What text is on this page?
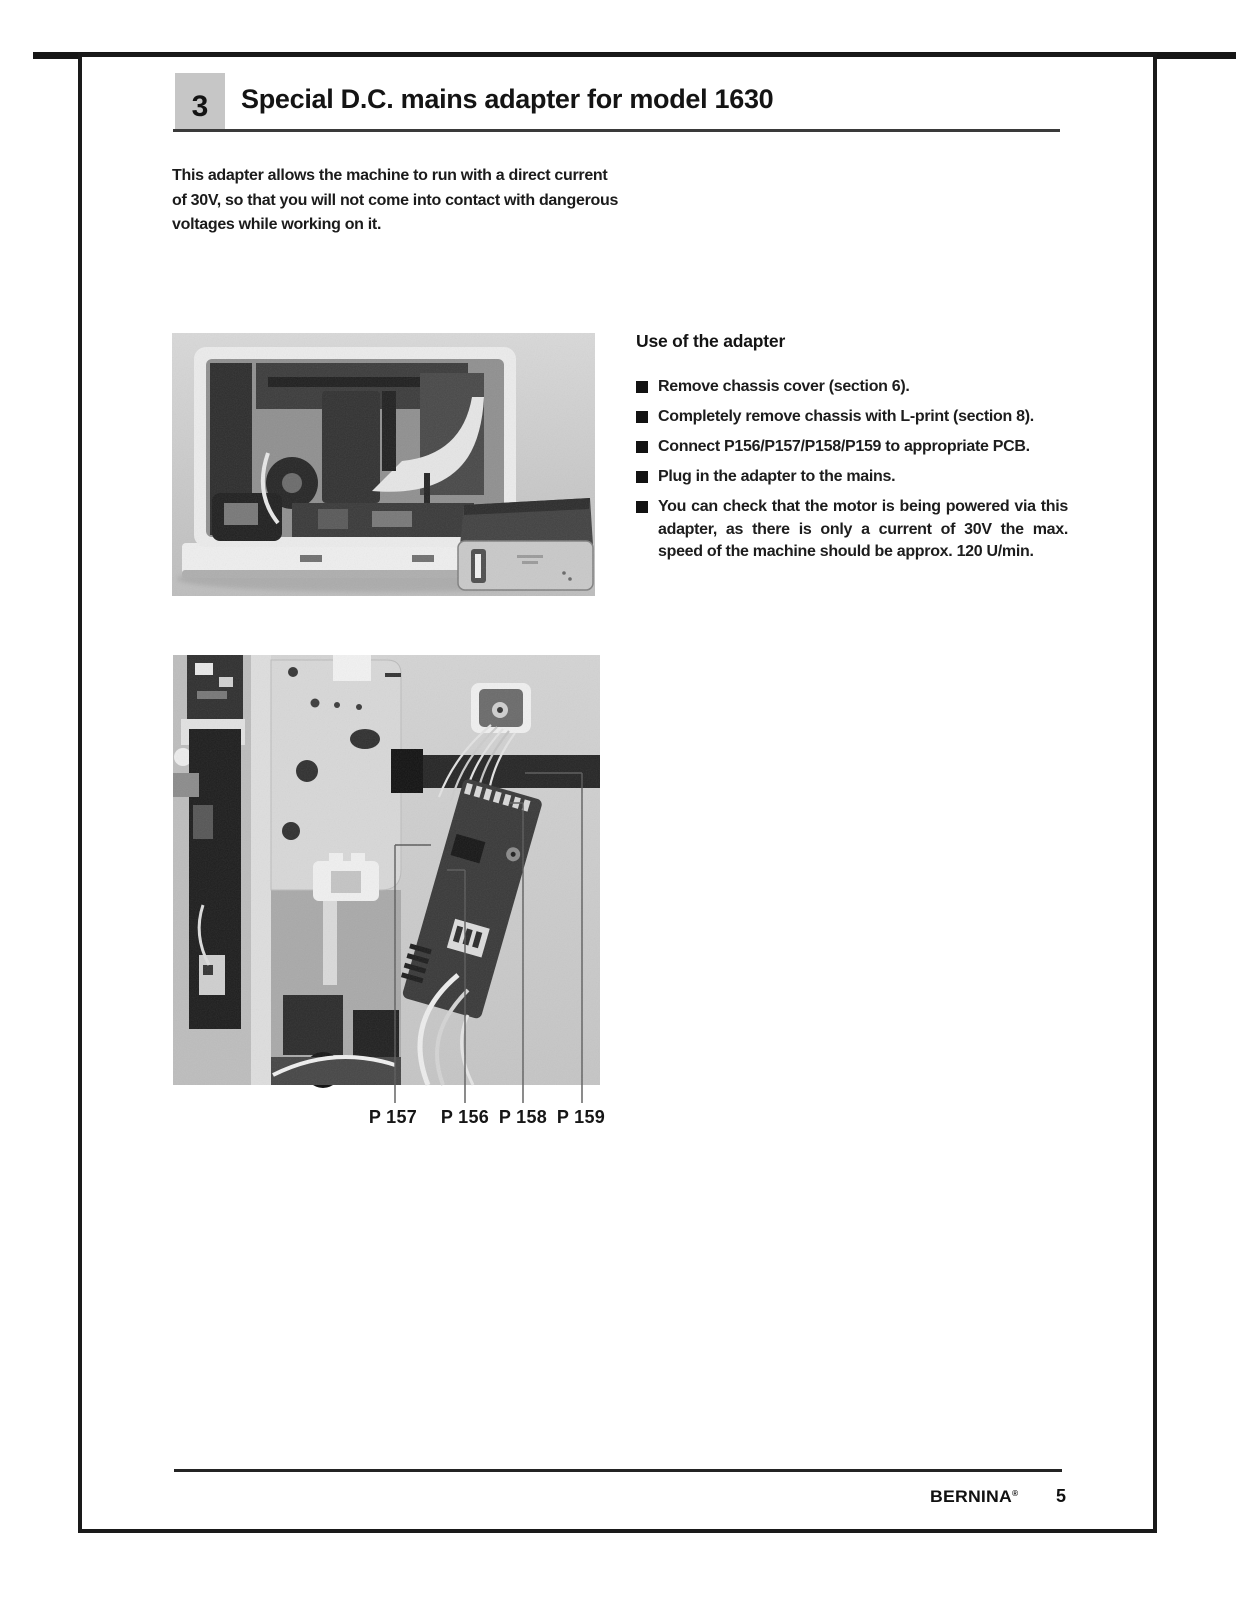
3 Special D.C. mains adapter for model 1630
This adapter allows the machine to run with a direct current of 30V, so that you will not come into contact with dangerous voltages while working on it.
Use of the adapter
Remove chassis cover (section 6).
Completely remove chassis with L-print (section 8).
Connect P156/P157/P158/P159 to appropriate PCB.
Plug in the adapter to the mains.
You can check that the motor is being powered via this adapter, as there is only a current of 30V the max. speed of the machine should be approx. 120 U/min.
P 157 P 156 P 158 P 159
BERNINA® 5
